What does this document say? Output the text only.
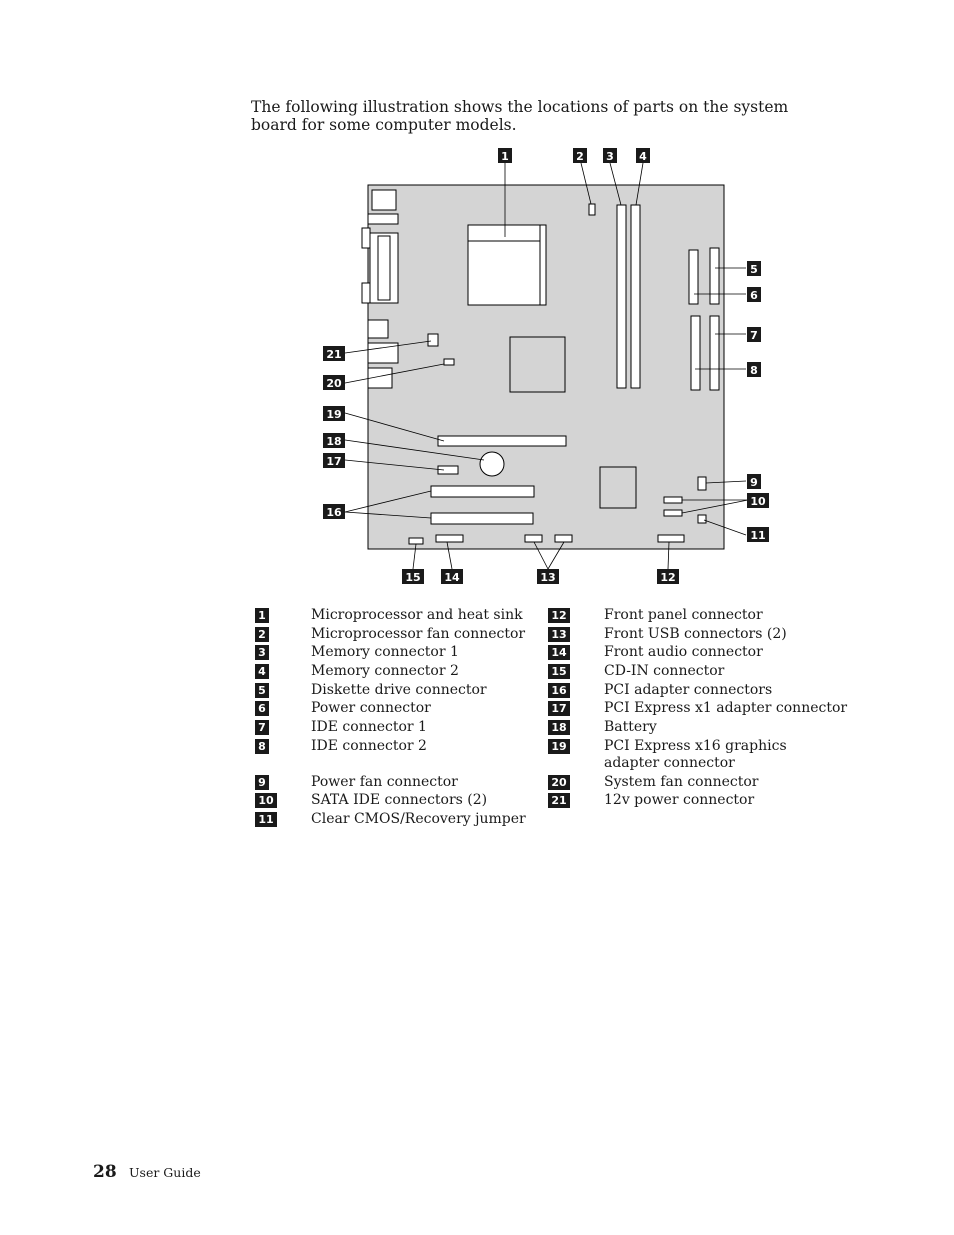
The following illustration shows the locations of parts on the system board for some computer models.

1	2 3 4
5
6
7
8
9
10
11
12
13
14
15
16
17
18
19
20
21
1	Microprocessor and heat sink
2	Microprocessor fan connector
3	Memory connector 1
4	Memory connector 2
5	Diskette drive connector
6	Power connector
7	IDE connector 1
8	IDE connector 2
9	Power fan connector
10	SATA IDE connectors (2)
11	Clear CMOS/Recovery jumper
12	Front panel connector
13	Front USB connectors (2)
14	Front audio connector
15	CD-IN connector
16	PCI adapter connectors
17	PCI Express x1 adapter connector
18	Battery
19	PCI Express x16 graphics adapter connector
20	System fan connector
21	12v power connector
28 User Guide
